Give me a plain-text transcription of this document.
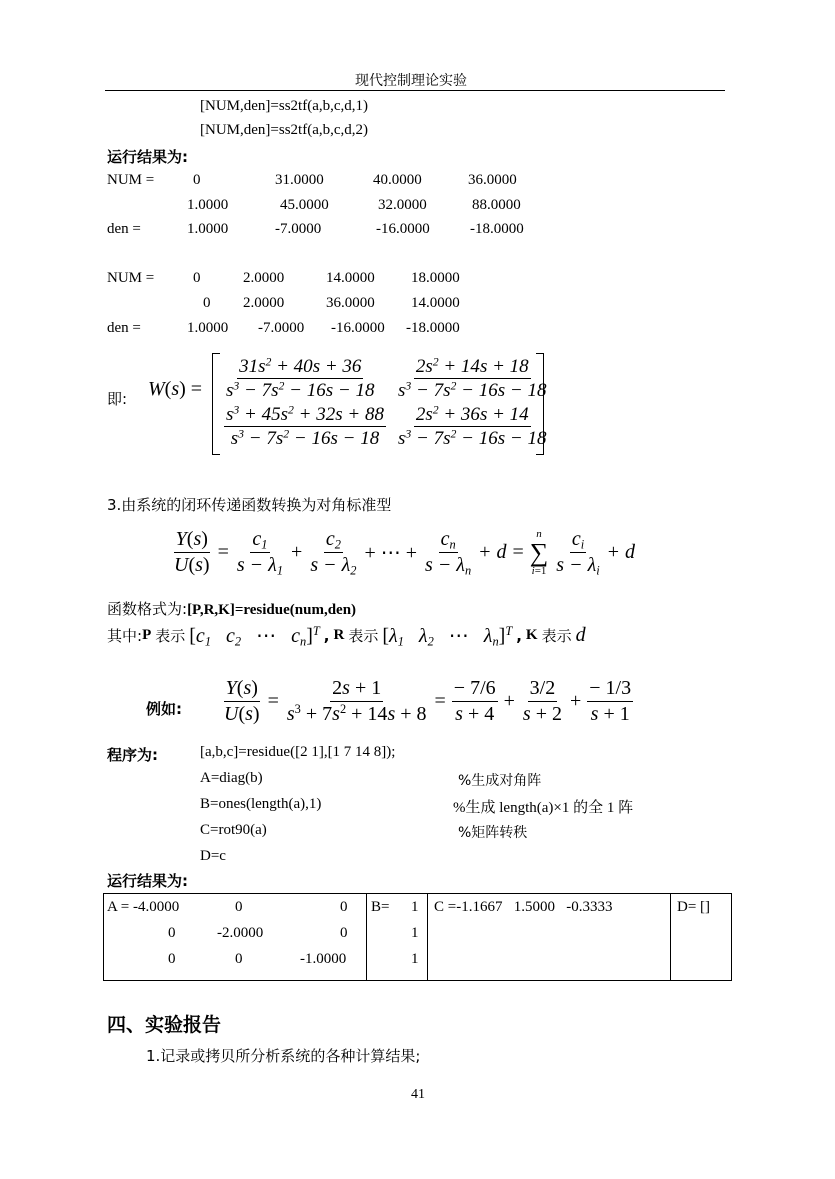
现代控制理论实验
[NUM,den]=ss2tf(a,b,c,d,1)
[NUM,den]=ss2tf(a,b,c,d,2)
运行结果为:
NUM =	0	31.0000	40.0000	36.0000
1.0000	45.0000	32.0000	88.0000
den =	1.0000	-7.0000	-16.0000	-18.0000
NUM =	0	2.0000	14.0000 18.0000
0 2.0000	36.0000 14.0000
den =	1.0000 -7.0000 -16.0000 -18.0000
即: $W(s) = \frac{31s^2 + 40s + 36}{s^3 - 7s^2 - 16s - 18} \frac{2s^2 + 14s + 18}{s^3 - 7s^2 - 16s - 18}$
$\frac{s^3 + 45s^2 + 32s + 88}{s^3 - 7s^2 - 16s - 18} \frac{2s^2 + 36s + 14}{s^3 - 7s^2 - 16s - 18}$
3.由系统的闭环传递函数转换为对角标准型
$\frac{Y(s)}{U(s)} = \frac{c_1}{s - \lambda_1} + \frac{c_2}{s - \lambda_2}$ + ⋯ + $\frac{c_n}{s - \lambda_n} + d$ =
n
∑
$i=1 \frac{c_i}{s - \lambda_i} + d$
函数格式为:[P,R,K]=residue(num,den)
其中: P 表示 [$c_1$   $c_2$ ⋯   $c_n]^T$ , R 表示 [$\lambda_1$   $\lambda_2$ ⋯   $\lambda_n]^T$ , K 表示 d
例如: $\frac{Y(s)}{U(s)} = \frac{2s + 1}{s^3 + 7s^2 + 14s + 8} = \frac{- 7/6}{s + 4} + \frac{3/2}{s + 2} + \frac{- 1/3}{s + 1}$
程序为:	[a,b,c]=residue([2 1],[1 7 14 8]);
A=diag(b)	%生成对角阵
B=ones(length(a),1)	%生成 length(a)×1 的全 1 阵
C=rot90(a)	%矩阵转秩
D=c
运行结果为:
A = -4.0000	0	0
0	-2.0000	0
0	0	-1.0000

B= 1
1
1

C =-1.1667   1.5000   -0.3333	D= []
四、实验报告
1.记录或拷贝所分析系统的各种计算结果;
41
